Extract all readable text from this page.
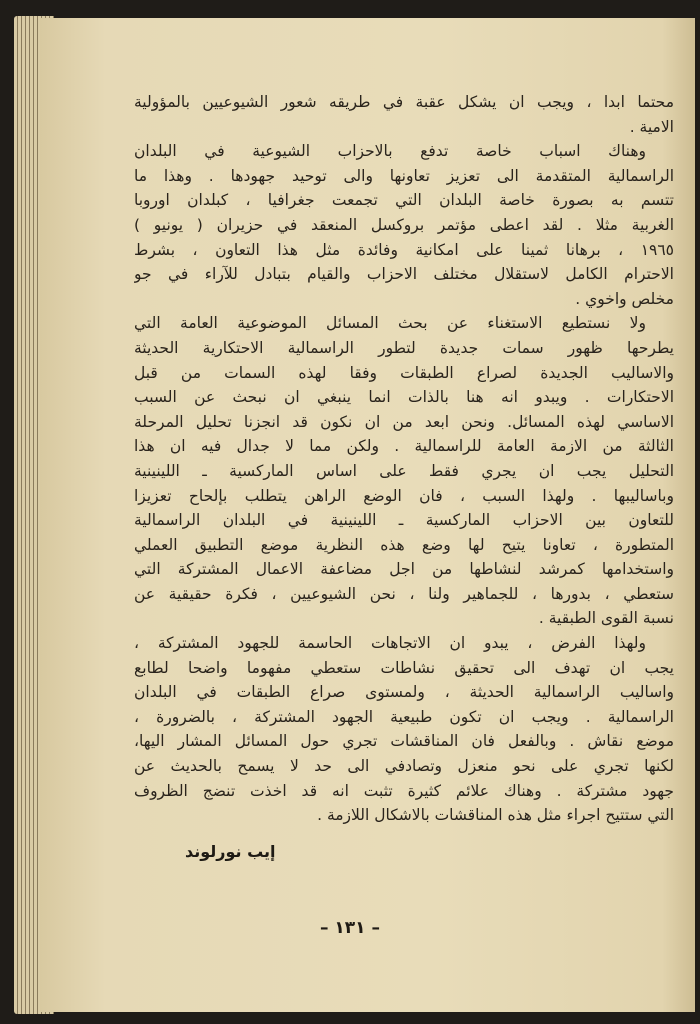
محتما ابدا ، ويجب ان يشكل عقبة في طريقه شعور الشيوعيين بالمؤولية
الامية .
وهناك اسباب خاصة تدفع بالاحزاب الشيوعية في البلدان
الراسمالية المتقدمة الى تعزيز تعاونها والى توحيد جهودها . وهذا ما
تتسم به بصورة خاصة البلدان التي تجمعت جغرافيا ، كبلدان اوروبا
الغربية مثلا . لقد اعطى مؤتمر بروكسل المنعقد في حزيران ( يونيو )
١٩٦٥ ، برهانا ثمينا على امكانية وفائدة مثل هذا التعاون ، بشرط
الاحترام الكامل لاستقلال مختلف الاحزاب والقيام بتبادل للآراء في جو
مخلص واخوي .
ولا نستطيع الاستغناء عن بحث المسائل الموضوعية العامة التي
يطرحها ظهور سمات جديدة لتطور الراسمالية الاحتكارية الحديثة
والاساليب الجديدة لصراع الطبقات وفقا لهذه السمات من قبل
الاحتكارات . ويبدو انه هنا بالذات انما ينبغي ان نبحث عن السبب
الاساسي لهذه المسائل. ونحن ابعد من ان نكون قد انجزنا تحليل المرحلة
الثالثة من الازمة العامة للراسمالية . ولكن مما لا جدال فيه ان هذا
التحليل يجب ان يجري فقط على اساس الماركسية ـ اللينينية
وباساليبها . ولهذا السبب ، فان الوضع الراهن يتطلب بإلحاح تعزيزا
للتعاون بين الاحزاب الماركسية ـ اللينينية في البلدان الراسمالية
المتطورة ، تعاونا يتيح لها وضع هذه النظرية موضع التطبيق العملي
واستخدامها كمرشد لنشاطها من اجل مضاعفة الاعمال المشتركة التي
ستعطي ، بدورها ، للجماهير ولنا ، نحن الشيوعيين ، فكرة حقيقية عن
نسبة القوى الطبقية .
ولهذا الفرض ، يبدو ان الاتجاهات الحاسمة للجهود المشتركة ،
يجب ان تهدف الى تحقيق نشاطات ستعطي مفهوما واضحا لطابع
واساليب الراسمالية الحديثة ، ولمستوى صراع الطبقات في البلدان
الراسمالية . ويجب ان تكون طبيعية الجهود المشتركة ، بالضرورة ،
موضع نقاش . وبالفعل فان المناقشات تجري حول المسائل المشار اليها،
لكنها تجري على نحو منعزل وتصادفي الى حد لا يسمح بالحديث عن
جهود مشتركة . وهناك علائم كثيرة تثبت انه قد اخذت تنضج الظروف
التي ستتيح اجراء مثل هذه المناقشات بالاشكال اللازمة .
إيب نورلوند
– ١٣١ –
